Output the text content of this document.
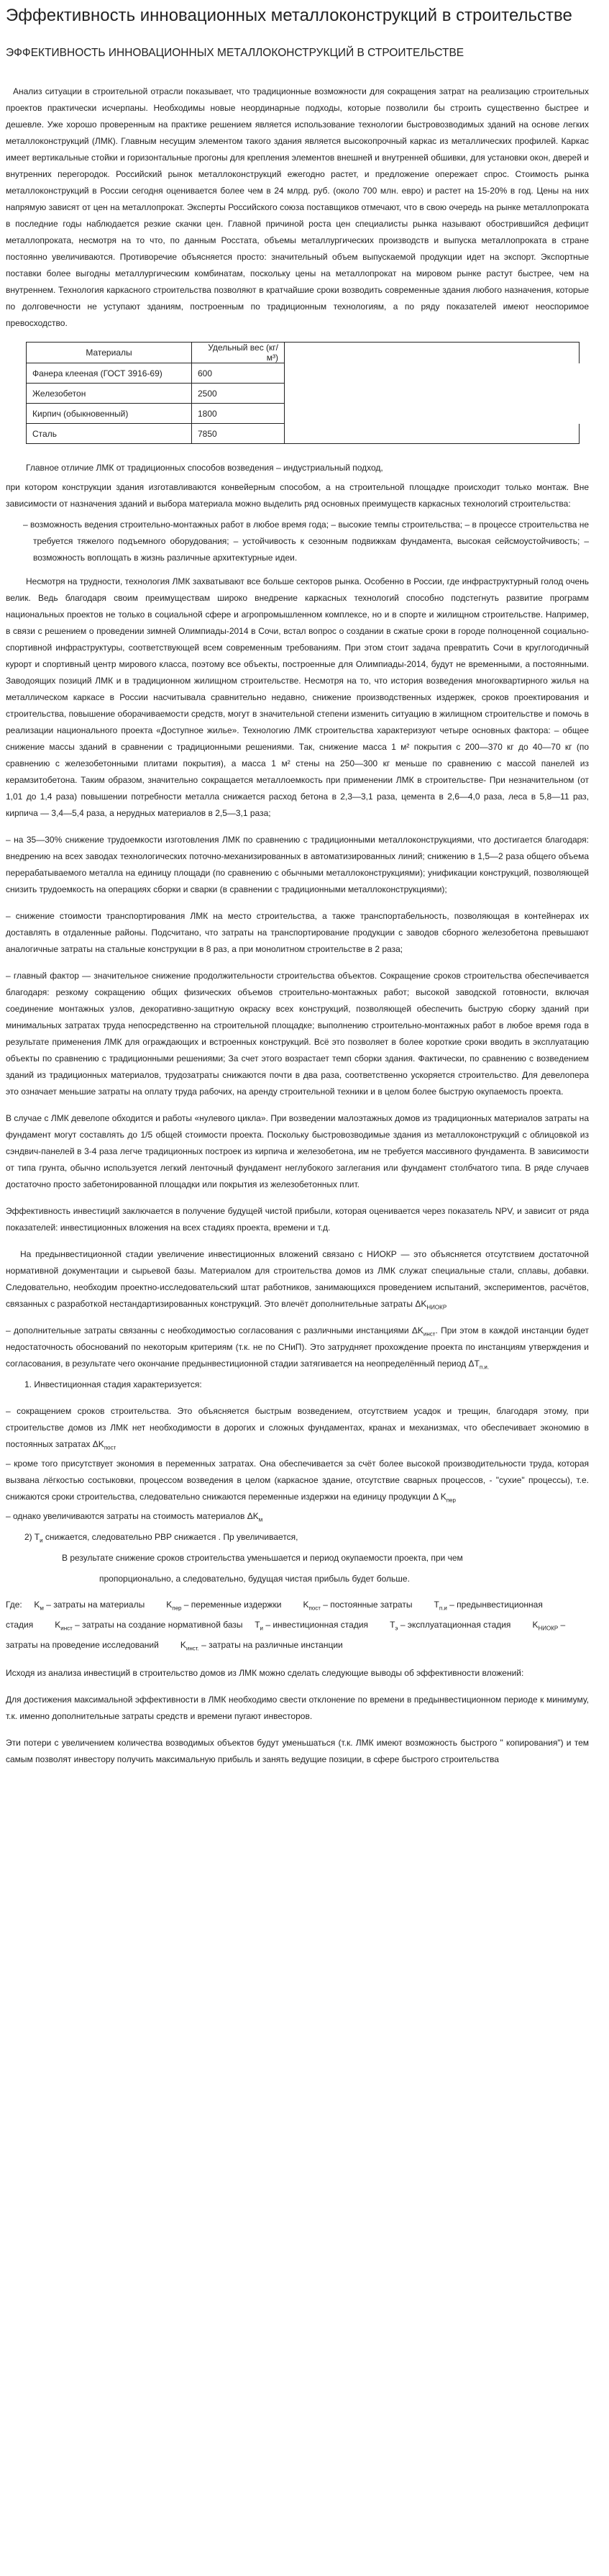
Эффективность инновационных металлоконструкций в строительстве
ЭФФЕКТИВНОСТЬ ИННОВАЦИОННЫХ МЕТАЛЛОКОНСТРУКЦИЙ В СТРОИТЕЛЬСТВЕ

Анализ ситуации в строительной отрасли показывает, что традиционные возможности для сокращения затрат на реализацию строительных проектов практически исчерпаны. Необходимы новые неординарные подходы, которые позволили бы строить существенно быстрее и дешевле. Уже хорошо проверенным на практике решением является использование технологии быстровозводимых зданий на основе легких металлоконструкций (ЛМК). Главным несущим элементом такого здания является высокопрочный каркас из металлических профилей. Каркас имеет вертикальные стойки и горизонтальные прогоны для крепления элементов внешней и внутренней обшивки, для установки окон, дверей и внутренних перегородок. Российский рынок металлоконструкций ежегодно растет, и предложение опережает спрос. Стоимость рынка металлоконструкций в России сегодня оценивается более чем в 24 млрд. руб. (около 700 млн. евро) и растет на 15-20% в год. Цены на них напрямую зависят от цен на металлопрокат. Эксперты Российского союза поставщиков отмечают, что в свою очередь на рынке металлопроката в последние годы наблюдается резкие скачки цен. Главной причиной роста цен специалисты рынка называют обострившийся дефицит металлопроката, несмотря на то что, по данным Росстата, объемы металлургических производств и выпуска металлопроката в стране постоянно увеличиваются. Противоречие объясняется просто: значительный объем выпускаемой продукции идет на экспорт. Экспортные поставки более выгодны металлургическим комбинатам, поскольку цены на металлопрокат на мировом рынке растут быстрее, чем на внутреннем. Технология каркасного строительства позволяют в кратчайшие сроки возводить современные здания любого назначения, которые по долговечности не уступают зданиям, построенным по традиционным технологиям, а по ряду показателей имеют неоспоримое превосходство.

Материалы	Удельный вес (кг/м³)	
Фанера клееная (ГОСТ 3916-69)	600	
Железобетон	2500	
Кирпич (обыкновенный)	1800	
Сталь	7850	

Главное отличие ЛМК от традиционных способов возведения – индустриальный подход,

при котором конструкции здания изготавливаются конвейерным способом, а на строительной площадке происходит только монтаж. Вне зависимости от назначения зданий и выбора материала можно выделить ряд основных преимуществ каркасных технологий строительства:

– возможность ведения строительно-монтажных работ в любое время года; – высокие темпы строительства; – в процессе строительства не требуется тяжелого подъемного оборудования; – устойчивость к сезонным подвижкам фундамента, высокая сейсмоустойчивость; – возможность воплощать в жизнь различные архитектурные идеи.

Несмотря на трудности, технология ЛМК захватывают все больше секторов рынка. Особенно в России, где инфраструктурный голод очень велик. Ведь благодаря своим преимуществам широко внедрение каркасных технологий способно подстегнуть развитие программ национальных проектов не только в социальной сфере и агропромышленном комплексе, но и в спорте и жилищном строительстве. Например, в связи с решением о проведении зимней Олимпиады-2014 в Сочи, встал вопрос о создании в сжатые сроки в городе полноценной социально-спортивной инфраструктуры, соответствующей всем современным требованиям. При этом стоит задача превратить Сочи в круглогодичный курорт и спортивный центр мирового класса, поэтому все объекты, построенные для Олимпиады-2014, будут не временными, а постоянными. Заводоящих позиций ЛМК и в традиционном жилищном строительстве. Несмотря на то, что история возведения многоквартирного жилья на металлическом каркасе в России насчитывала сравнительно недавно, снижение производственных издержек, сроков проектирования и строительства, повышение оборачиваемости средств, могут в значительной степени изменить ситуацию в жилищном строительстве и помочь в реализации национального проекта «Доступное жилье». Технологию ЛМК строительства характеризуют четыре основных фактора: – общее снижение массы зданий в сравнении с традиционными решениями. Так, снижение масса 1 м² покрытия с 200—370 кг до 40—70 кг (по сравнению с железобетонными плитами покрытия), а масса 1 м² стены на 250—300 кг меньше по сравнению с массой панелей из керамзитобетона. Таким образом, значительно сокращается металлоемкость при применении ЛМК в строительстве- При незначительном (от 1,01 до 1,4 раза) повышении потребности металла снижается расход бетона в 2,3—3,1 раза, цемента в 2,6—4,0 раза, леса в 5,8—11 раз, кирпича — 3,4—5,4 раза, а нерудных материалов в 2,5—3,1 раза;

– на 35—30% снижение трудоемкости изготовления ЛМК по сравнению с традиционными металлоконструкциями, что достигается благодаря: внедрению на всех заводах технологических поточно-механизированных в автоматизированных линий; снижению в 1,5—2 раза общего объема перерабатываемого металла на единицу площади (по сравнению с обычными металлоконструкциями); унификации конструкций, позволяющей снизить трудоемкость на операциях сборки и сварки (в сравнении с традиционными металлоконструкциями);

– снижение стоимости транспортирования ЛМК на место строительства, а также транспортабельность, позволяющая в контейнерах их доставлять в отдаленные районы. Подсчитано, что затраты на транспортирование продукции с заводов сборного железобетона превышают аналогичные затраты на стальные конструкции в 8 раз, а при монолитном строительстве в 2 раза;

– главный фактор — значительное снижение продолжительности строительства объектов. Сокращение сроков строительства обеспечивается благодаря: резкому сокращению общих физических объемов строительно-монтажных работ; высокой заводской готовности, включая соединение монтажных узлов, декоративно-защитную окраску всех конструкций, позволяющей обеспечить быструю сборку зданий при минимальных затратах труда непосредственно на строительной площадке; выполнению строительно-монтажных работ в любое время года в результате применения ЛМК для ограждающих и встроенных конструкций. Всё это позволяет в более короткие сроки вводить в эксплуатацию объекты по сравнению с традиционными решениями; За счет этого возрастает темп сборки здания. Фактически, по сравнению с возведением зданий из традиционных материалов, трудозатраты снижаются почти в два раза, соответственно ускоряется строительство. Для девелопера это означает меньшие затраты на оплату труда рабочих, на аренду строительной техники и в целом более быструю окупаемость проекта.

В случае с ЛМК девелопе обходится и работы «нулевого цикла». При возведении малоэтажных домов из традиционных материалов затраты на фундамент могут составлять до 1/5 общей стоимости проекта. Поскольку быстровозводимые здания из металлоконструкций с облицовкой из сэндвич-панелей в 3-4 раза легче традиционных построек из кирпича и железобетона, им не требуется массивного фундамента. В зависимости от типа грунта, обычно используется легкий ленточный фундамент неглубокого заглегания или фундамент столбчатого типа. В ряде случаев достаточно просто забетонированной площадки или покрытия из железобетонных плит.

Эффективность инвестиций заключается в получение будущей чистой прибыли, которая оценивается через показатель NPV, и зависит от ряда показателей: инвестиционных вложения на всех стадиях проекта, времени и т.д.

На предынвестиционной стадии увеличение инвестиционных вложений связано с НИОКР — это объясняется отсутствием достаточной нормативной документации и сырьевой базы. Материалом для строительства домов из ЛМК служат специальные стали, сплавы, добавки. Следовательно, необходим проектно-исследовательский штат работников, занимающихся проведением испытаний, экспериментов, расчётов, связанных с разработкой нестандартизированных конструкций. Это влечёт дополнительные затраты $\Delta K_{НИОКР}$

– дополнительные затраты связанны с необходимостью согласования с различными инстанциями $\Delta K_{инст}$. При этом в каждой инстанции будет недостаточность обоснований по некоторым критериям (т.к. не по СНиП). Это затрудняет прохождение проекта по инстанциям утверждения и согласования, в результате чего окончание предынвестиционной стадии затягивается на неопределённый период $\Delta T_{п.и.}$

1. Инвестиционная стадия характеризуется:

– сокращением сроков строительства. Это объясняется быстрым возведением, отсутствием усадок и трещин, благодаря этому, при строительстве домов из ЛМК нет необходимости в дорогих и сложных фундаментах, кранах и механизмах, что обеспечивает экономию в постоянных затратах $\Delta K_{пост}$

– кроме того присутствует экономия в переменных затратах. Она обеспечивается за счёт более высокой производительности труда, которая вызвана лёгкостью состыковки, процессом возведения в целом (каркасное здание, отсутствие сварных процессов, - "сухие" процессы), т.е. снижаются сроки строительства, следовательно снижаются переменные издержки на единицу продукции Δ $K_{пер}$

– однако увеличиваются затраты на стоимость материалов $\Delta K_м$

2) $T_и$ снижается, следовательно PBP снижается . Пр увеличивается,
В результате снижение сроков строительства уменьшается и период окупаемости проекта, при чем
пропорционально, а следовательно, будущая чистая прибыль будет больше.
Где:     $K_м$ – затраты на материалы	$K_{пер}$ – переменные издержки	$K_{пост}$ – постоянные затраты	$T_{п.и}$ – предынвестиционная стадия	$K_{инст}$ – затраты на создание нормативной базы $T_и$ – инвестиционная стадия	$T_э$ – эксплуатационная стадия	$K_{НИОКР}$ – затраты на проведение исследований	$K_{инст.}$ – затраты на различные инстанции

Исходя из анализа инвестиций в строительство домов из ЛМК можно сделать следующие выводы об эффективности вложений:

Для достижения максимальной эффективности в ЛМК необходимо свести отклонение по времени в предынвестиционном периоде к минимуму, т.к. именно дополнительные затраты средств и времени пугают инвесторов.

Эти потери с увеличением количества возводимых объектов будут уменьшаться (т.к. ЛМК имеют возможность быстрого " копирования") и тем самым позволят инвестору получить максимальную прибыль и занять ведущие позиции, в сфере быстрого строительства
